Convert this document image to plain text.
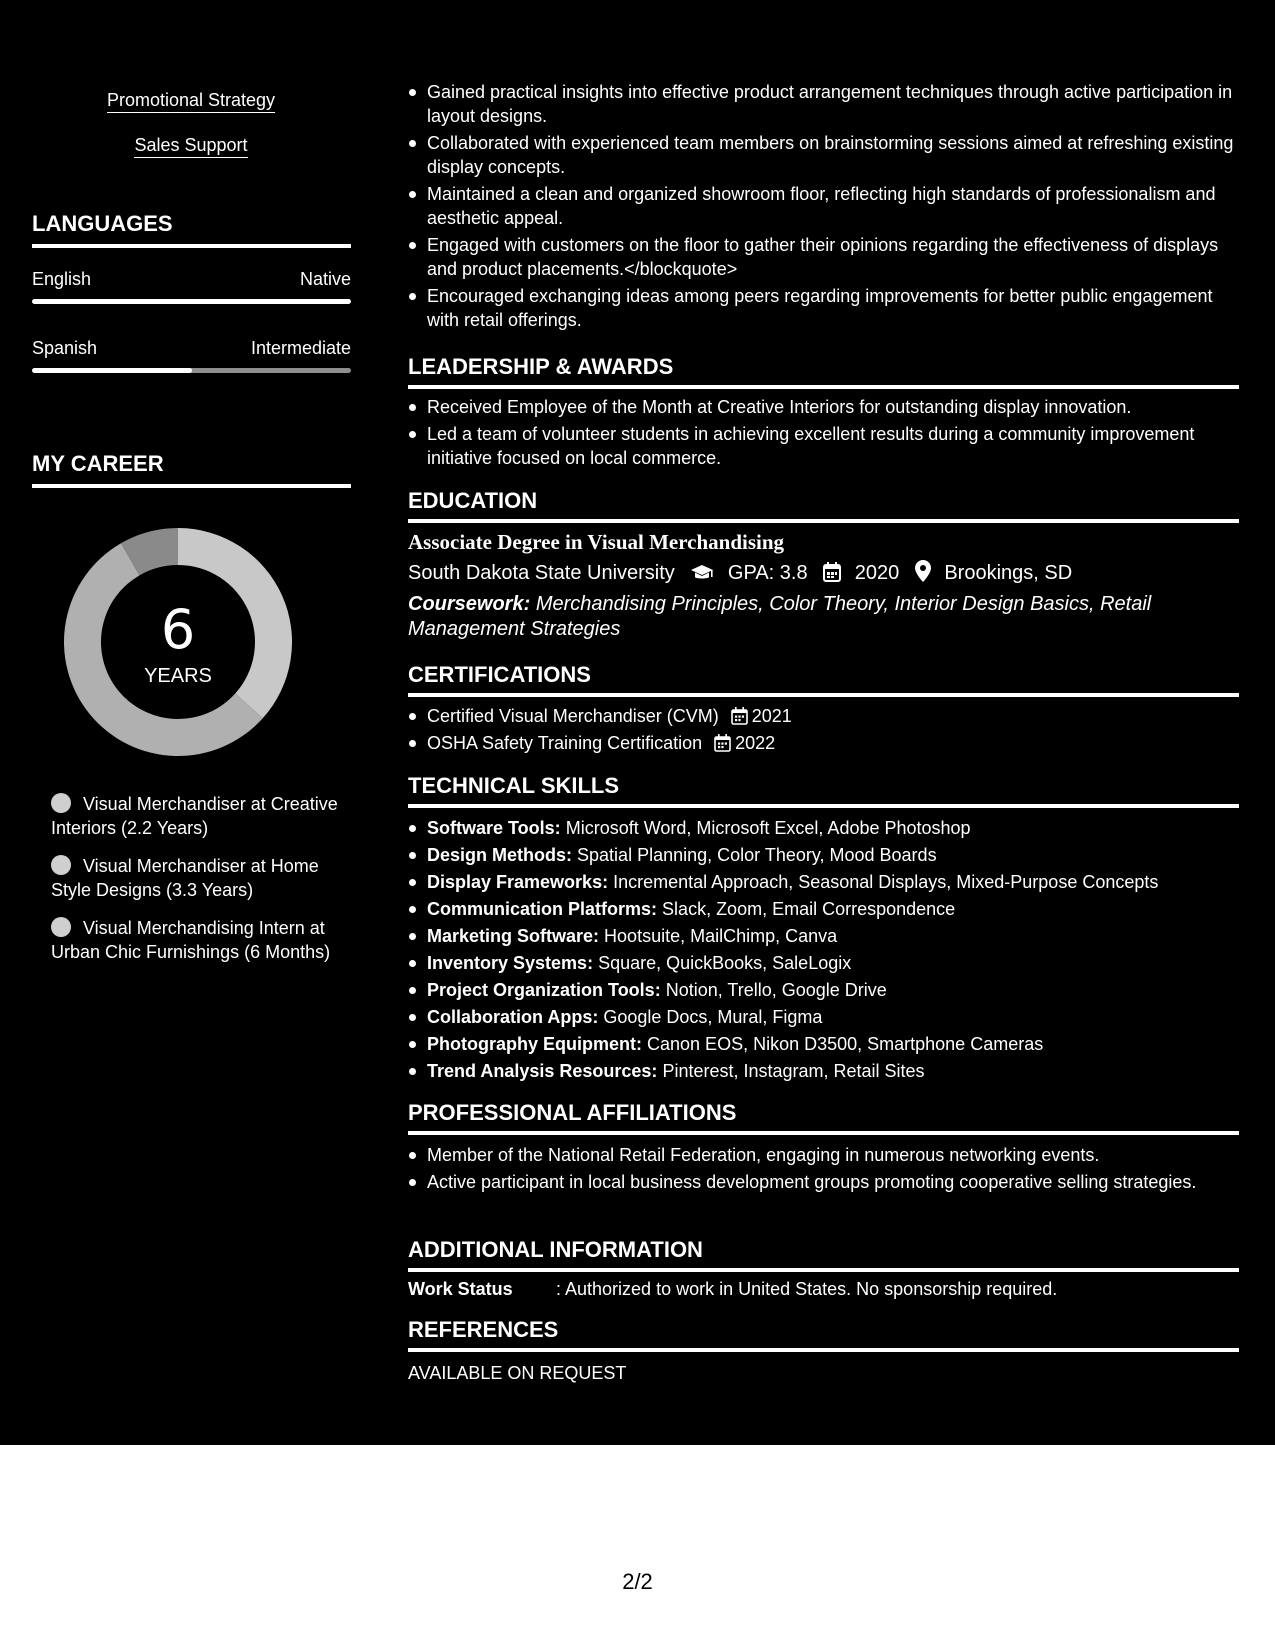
Promotional Strategy
Sales Support
LANGUAGES
English	Native
Spanish	Intermediate
MY CAREER
6
YEARS
Visual Merchandiser at Creative Interiors (2.2 Years)
Visual Merchandiser at Home Style Designs (3.3 Years)
Visual Merchandising Intern at Urban Chic Furnishings (6 Months)
Gained practical insights into effective product arrangement techniques through active participation in layout designs.
Collaborated with experienced team members on brainstorming sessions aimed at refreshing existing display concepts.
Maintained a clean and organized showroom floor, reflecting high standards of professionalism and aesthetic appeal.
Engaged with customers on the floor to gather their opinions regarding the effectiveness of displays and product placements.</blockquote>
Encouraged exchanging ideas among peers regarding improvements for better public engagement with retail offerings.
LEADERSHIP & AWARDS
Received Employee of the Month at Creative Interiors for outstanding display innovation.
Led a team of volunteer students in achieving excellent results during a community improvement initiative focused on local commerce.
EDUCATION
Associate Degree in Visual Merchandising
South Dakota State University	GPA: 3.8 2020 Brookings, SD
Coursework: Merchandising Principles, Color Theory, Interior Design Basics, Retail Management Strategies
CERTIFICATIONS
Certified Visual Merchandiser (CVM) 2021
OSHA Safety Training Certification 2022
TECHNICAL SKILLS
Software Tools: Microsoft Word, Microsoft Excel, Adobe Photoshop
Design Methods: Spatial Planning, Color Theory, Mood Boards
Display Frameworks: Incremental Approach, Seasonal Displays, Mixed-Purpose Concepts
Communication Platforms: Slack, Zoom, Email Correspondence
Marketing Software: Hootsuite, MailChimp, Canva
Inventory Systems: Square, QuickBooks, SaleLogix
Project Organization Tools: Notion, Trello, Google Drive
Collaboration Apps: Google Docs, Mural, Figma
Photography Equipment: Canon EOS, Nikon D3500, Smartphone Cameras
Trend Analysis Resources: Pinterest, Instagram, Retail Sites
PROFESSIONAL AFFILIATIONS
Member of the National Retail Federation, engaging in numerous networking events.
Active participant in local business development groups promoting cooperative selling strategies.
ADDITIONAL INFORMATION
Work Status : Authorized to work in United States. No sponsorship required.
REFERENCES
AVAILABLE ON REQUEST
2/2
